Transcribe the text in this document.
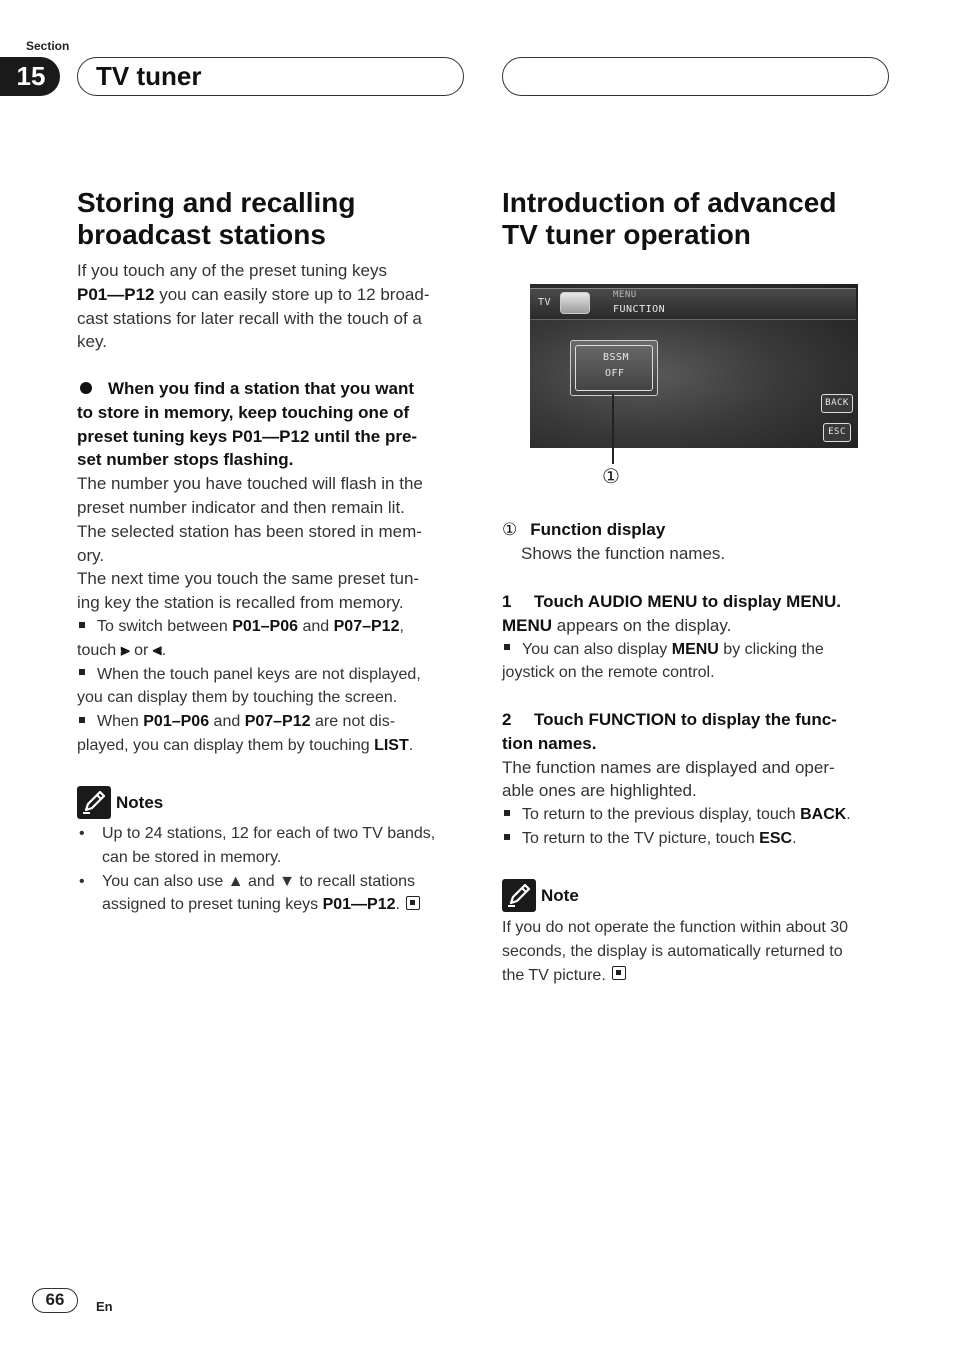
Section
15	TV tuner
Storing and recalling
broadcast stations

If you touch any of the preset tuning keys
P01—P12 you can easily store up to 12 broad-
cast stations for later recall with the touch of a
key.

When you find a station that you want
to store in memory, keep touching one of
preset tuning keys P01—P12 until the pre-
set number stops flashing.

The number you have touched will flash in the
preset number indicator and then remain lit.
The selected station has been stored in mem-
ory.

The next time you touch the same preset tun-
ing key the station is recalled from memory.

To switch between P01–P06 and P07–P12,
touch ⫸ or ⫷.
When the touch panel keys are not displayed,
you can display them by touching the screen.
When P01–P06 and P07–P12 are not dis-
played, you can display them by touching LIST.
Notes
• Up to 24 stations, 12 for each of two TV bands,
can be stored in memory.
• You can also use ▲ and ▼ to recall stations
assigned to preset tuning keys P01—P12.
Introduction of advanced
TV tuner operation
TV
MENU
FUNCTION
BSSM
OFF
BACK
ESC
①

① Function display

Shows the function names.

1 Touch AUDIO MENU to display MENU.

MENU appears on the display.

You can also display MENU by clicking the
joystick on the remote control.

2 Touch FUNCTION to display the func-
tion names.

The function names are displayed and oper-
able ones are highlighted.

To return to the previous display, touch BACK.
To return to the TV picture, touch ESC.
Note
If you do not operate the function within about 30
seconds, the display is automatically returned to
the TV picture.
66	En
